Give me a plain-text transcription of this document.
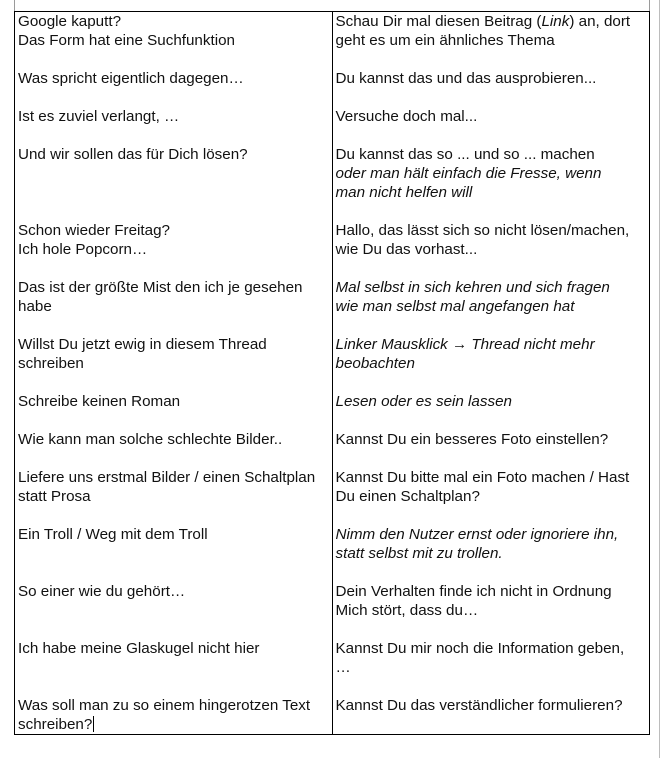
Google kaputt?
Das Form hat eine Suchfunktion	Schau Dir mal diesen Beitrag (Link) an, dort
geht es um ein ähnliches Thema

Was spricht eigentlich dagegen…	Du kannst das und das ausprobieren...

Ist es zuviel verlangt, …	Versuche doch mal...

Und wir sollen das für Dich lösen?	Du kannst das so ... und so ... machen
oder man hält einfach die Fresse, wenn
man nicht helfen will

Schon wieder Freitag?
Ich hole Popcorn…	Hallo, das lässt sich so nicht lösen/machen,
wie Du das vorhast...

Das ist der größte Mist den ich je gesehen
habe	Mal selbst in sich kehren und sich fragen
wie man selbst mal angefangen hat

Willst Du jetzt ewig in diesem Thread
schreiben	Linker Mausklick → Thread nicht mehr
beobachten

Schreibe keinen Roman	Lesen oder es sein lassen

Wie kann man solche schlechte Bilder..	Kannst Du ein besseres Foto einstellen?

Liefere uns erstmal Bilder / einen Schaltplan
statt Prosa	Kannst Du bitte mal ein Foto machen / Hast
Du einen Schaltplan?

Ein Troll / Weg mit dem Troll	Nimm den Nutzer ernst oder ignoriere ihn,
statt selbst mit zu trollen.

So einer wie du gehört…	Dein Verhalten finde ich nicht in Ordnung
Mich stört, dass du…

Ich habe meine Glaskugel nicht hier	Kannst Du mir noch die Information geben,
…

Was soll man zu so einem hingerotzen Text
schreiben?	Kannst Du das verständlicher formulieren?
